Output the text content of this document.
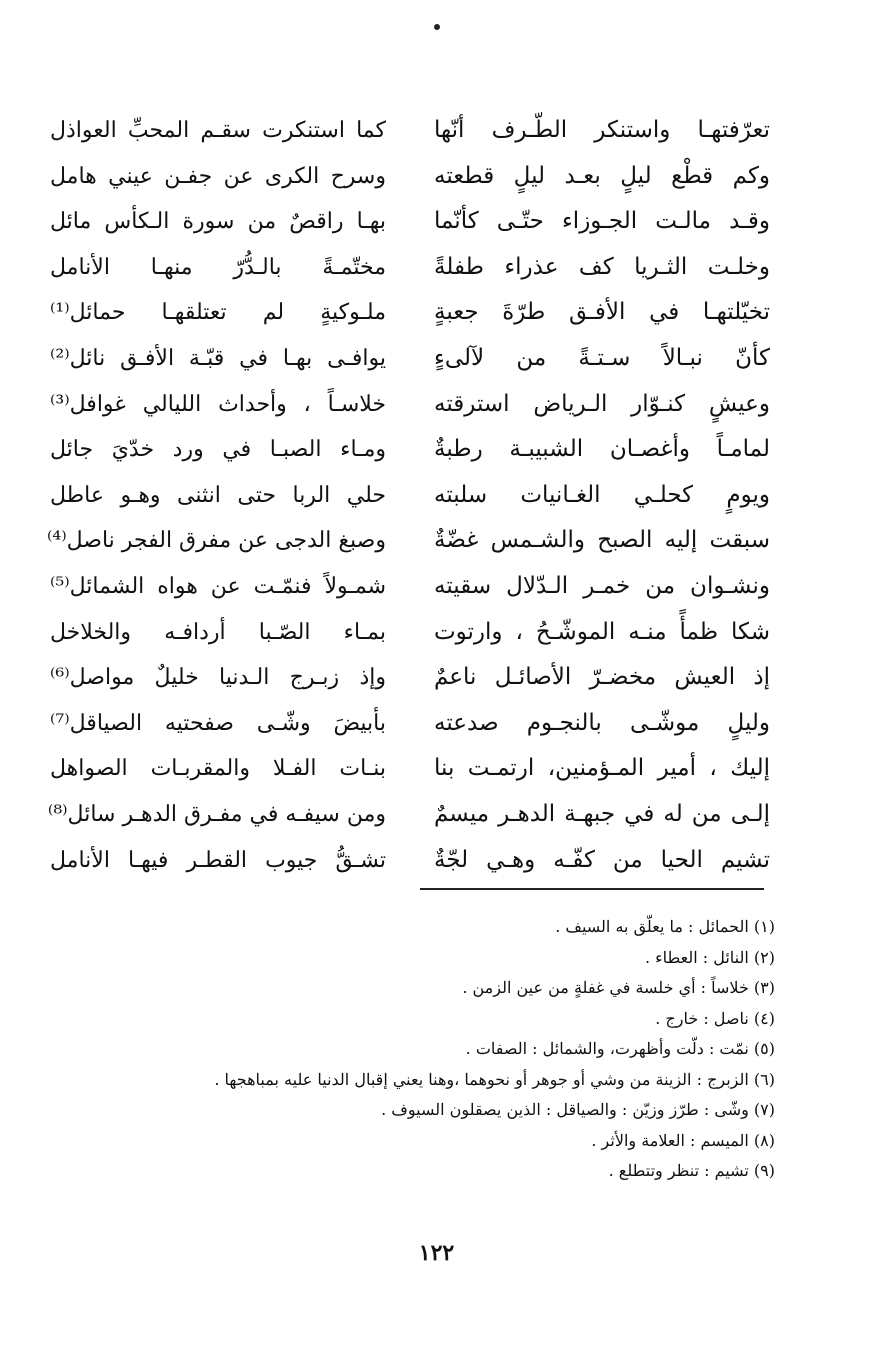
تعرّفتهـا واستنكر الطّـرف أنّها
وكم قطْع ليلٍ بعـد ليلٍ قطعته
وقـد مالـت الجـوزاء حتّـى كأنّما
وخلـت الثـريا كف عذراء طفلةً
تخيّلتهـا في الأفـق طرّةَ جعبةٍ
كأنّ نبـالاً سـتـةً من لآلىءٍ
وعيشٍ كنـوّار الـرياض استرقته
لمامـاً وأغصـان الشبيبـة رطبةٌ
ويومٍ كحلـي الغـانيات سلبته
سبقت إليه الصبح والشـمس غضّةٌ
ونشـوان من خمـر الـدّلال سقيته
شكا ظمأً منـه الموشّـحُ ، وارتوت
إذ العيش مخضـرّ الأصائـل ناعمٌ
وليلٍ موشّـى بالنجـوم صدعته
إليك ، أمير المـؤمنين، ارتمـت بنا
إلـى من له في جبهـة الدهـر ميسمٌ
تشيم الحيا من كفّـه وهـي لجّةٌ
كما استنكرت سقـم المحبِّ العواذل
وسرح الكرى عن جفـن عيني هامل
بهـا راقصٌ من سورة الـكأس مائل
مختّمـةً بالـدُّرّ منهـا الأنامل
ملـوكيةٍ لم تعتلقهـا حمائل⁽¹⁾
يوافـى بهـا في قبّـة الأفـق نائل⁽²⁾
خلاسـاً ، وأحداث الليالي غوافل⁽³⁾
ومـاء الصبـا في ورد خدّيَ جائل
حلي الربا حتى انثنى وهـو عاطل
وصبغ الدجى عن مفرق الفجر ناصل⁽⁴⁾
شمـولاً فنمّـت عن هواه الشمائل⁽⁵⁾
بمـاء الصّـبا أردافـه والخلاخل
وإذ زبـرج الـدنيا خليلٌ مواصل⁽⁶⁾
بأبيضَ وشّـى صفحتيه الصياقل⁽⁷⁾
بنـات الفـلا والمقربـات الصواهل
ومن سيفـه في مفـرق الدهـر سائل⁽⁸⁾
تشـقُّ جيوب القطـر فيهـا الأنامل
(١) الحمائل : ما يعلّق به السيف .
(٢) النائل : العطاء .
(٣) خلاساً : أي خلسة في غفلةٍ من عين الزمن .
(٤) ناصل : خارج .
(٥) نمّت : دلّت وأظهرت، والشمائل : الصفات .
(٦) الزبرج : الزينة من وشي أو جوهر أو نحوهما ،وهنا يعني إقبال الدنيا عليه بمباهجها .
(٧) وشّى : طرّز وزيّن : والصياقل : الذين يصقلون السيوف .
(٨) الميسم : العلامة والأثر .
(٩) تشيم : تنظر وتتطلع .
١٢٢
